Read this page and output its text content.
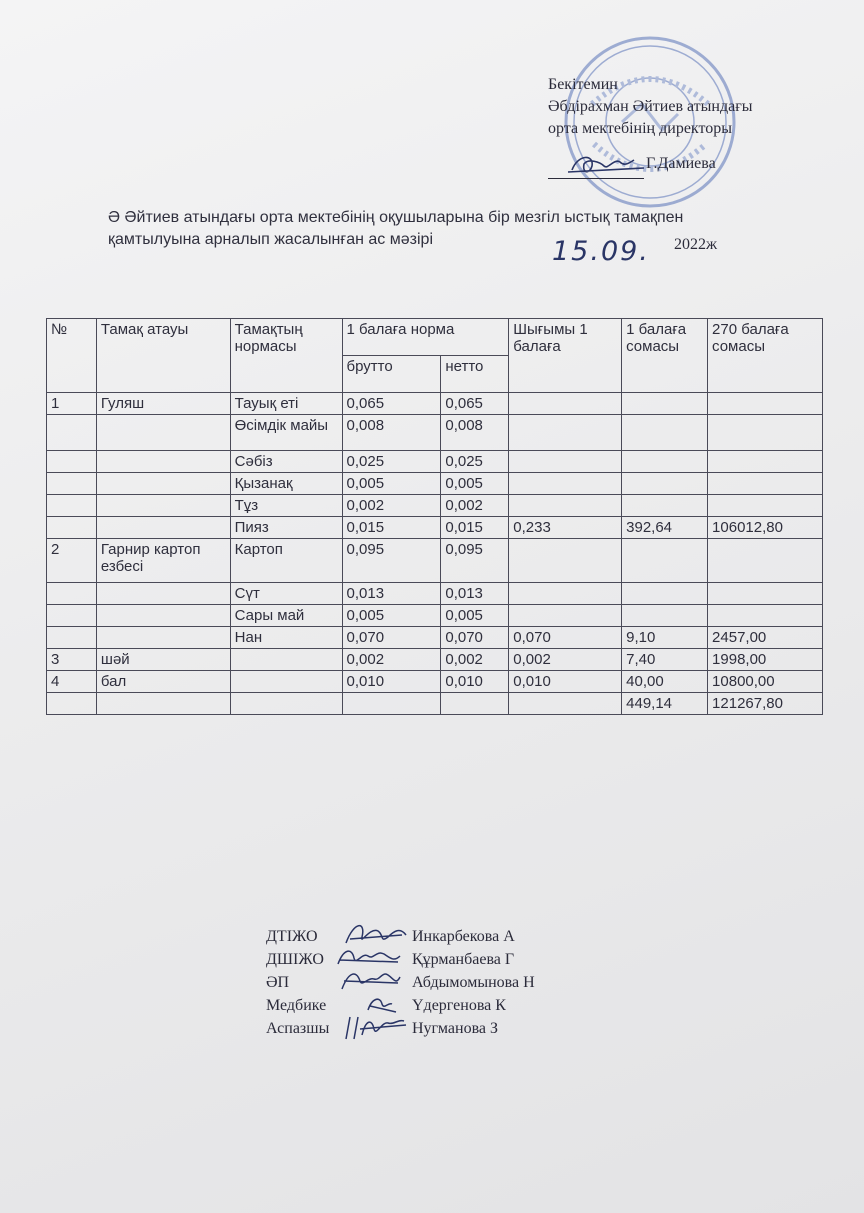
Бекітемин
Әбдірахман Әйтиев атындағы
орта мектебінің директоры
Г.Дамиева
Ә Әйтиев атындағы орта мектебінің оқушыларына бір мезгіл ыстық тамақпен
қамтылуына арналып жасалынған ас мәзірі	15.09. 2022ж
№	Тамақ атауы	Тамақтың нормасы	1 балаға норма		Шығымы 1 балаға	1 балаға сомасы	270 балаға сомасы
			брутто	нетто			
1	Гуляш	Тауық еті	0,065	0,065			
		Өсімдік майы	0,008	0,008			
		Сәбіз	0,025	0,025			
		Қызанақ	0,005	0,005			
		Тұз	0,002	0,002			
		Пияз	0,015	0,015	0,233	392,64	106012,80
2	Гарнир картоп езбесі	Картоп	0,095	0,095			
		Сүт	0,013	0,013			
		Сары май	0,005	0,005			
		Нан	0,070	0,070	0,070	9,10	2457,00
3	шәй		0,002	0,002	0,002	7,40	1998,00
4	бал		0,010	0,010	0,010	40,00	10800,00
						449,14	121267,80
ДТІЖО	Инкарбекова А
ДШІЖО	Құрманбаева Г
ӘП	Абдымомынова Н
Медбике	Үдергенова К
Аспазшы	Нугманова З
